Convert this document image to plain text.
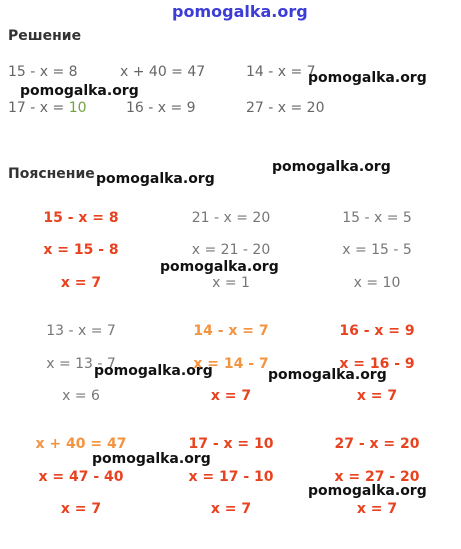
pomogalka.org
Решение
15 - x = 8	x + 40 = 47	14 - x = 7
17 - x = 10	16 - x = 9	27 - x = 20
Пояснение
15 - x = 8
x = 15 - 8
x = 7
21 - x = 20
x = 21 - 20
x = 1
15 - x = 5
x = 15 - 5
x = 10
13 - x = 7
x = 13 - 7
x = 6
14 - x = 7
x = 14 - 7
x = 7
16 - x = 9
x = 16 - 9
x = 7
x + 40 = 47
x = 47 - 40
x = 7
17 - x = 10
x = 17 - 10
x = 7
27 - x = 20
x = 27 - 20
x = 7
pomogalka.org
pomogalka.org
pomogalka.org
pomogalka.org
pomogalka.org
pomogalka.org	pomogalka.org
pomogalka.org
pomogalka.org
